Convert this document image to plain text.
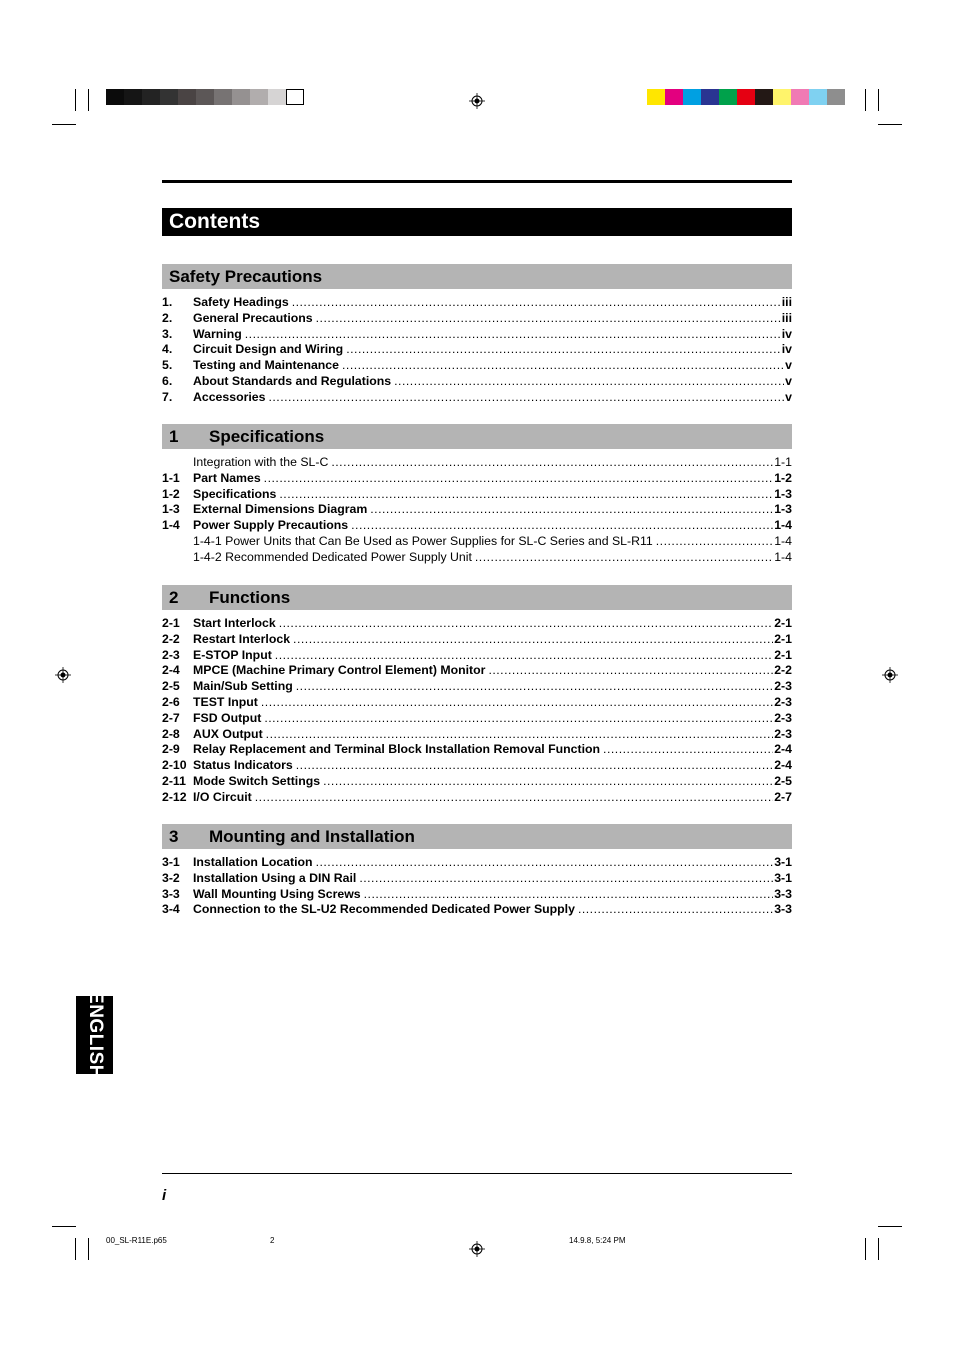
Contents
Safety Precautions
1.	Safety Headings .....	iii
2.	General Precautions .....	iii
3.	Warning .....	iv
4.	Circuit Design and Wiring .....	iv
5.	Testing and Maintenance .....	v
6.	About Standards and Regulations .....	v
7.	Accessories .....	v
1	Specifications
Integration with the SL-C .....	1-1
1-1	Part Names .....	1-2
1-2	Specifications .....	1-3
1-3	External Dimensions Diagram .....	1-3
1-4	Power Supply Precautions .....	1-4
1-4-1 Power Units that Can Be Used as Power Supplies for SL-C Series and SL-R11 .....	1-4
1-4-2 Recommended Dedicated Power Supply Unit .....	1-4
2	Functions
2-1	Start Interlock .....	2-1
2-2	Restart Interlock .....	2-1
2-3	E-STOP Input .....	2-1
2-4	MPCE (Machine Primary Control Element) Monitor .....	2-2
2-5	Main/Sub Setting .....	2-3
2-6	TEST Input .....	2-3
2-7	FSD Output .....	2-3
2-8	AUX Output .....	2-3
2-9	Relay Replacement and Terminal Block Installation Removal Function .....	2-4
2-10 Status Indicators .....	2-4
2-11 Mode Switch Settings .....	2-5
2-12 I/O Circuit .....	2-7
3	Mounting and Installation
3-1	Installation Location .....	3-1
3-2	Installation Using a DIN Rail .....	3-1
3-3	Wall Mounting Using Screws .....	3-3
3-4	Connection to the SL-U2 Recommended Dedicated Power Supply .....	3-3
ENGLISH
i
00_SL-R11E.p65	2	14.9.8, 5:24 PM
